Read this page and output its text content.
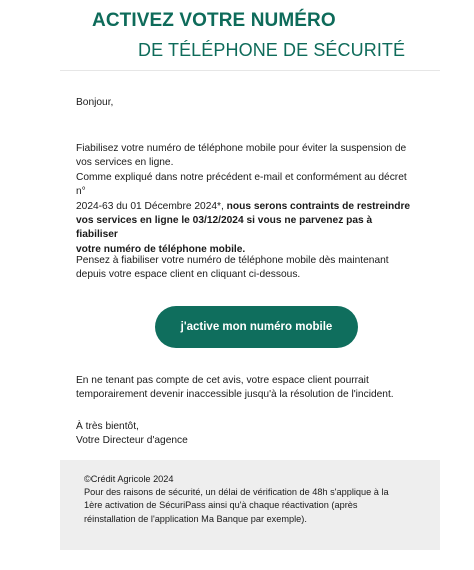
ACTIVEZ VOTRE NUMÉRO
DE TÉLÉPHONE DE SÉCURITÉ

Bonjour,

Fiabilisez votre numéro de téléphone mobile pour éviter la suspension de
vos services en ligne.
Comme expliqué dans notre précédent e-mail et conformément au décret n°
2024-63 du 01 Décembre 2024*, nous serons contraints de restreindre
vos services en ligne le 03/12/2024 si vous ne parvenez pas à fiabiliser
votre numéro de téléphone mobile.
Pensez à fiabiliser votre numéro de téléphone mobile dès maintenant
depuis votre espace client en cliquant ci-dessous.
j'active mon numéro mobile
En ne tenant pas compte de cet avis, votre espace client pourrait
temporairement devenir inaccessible jusqu'à la résolution de l'incident.
À très bientôt,
Votre Directeur d'agence
©Crédit Agricole 2024
Pour des raisons de sécurité, un délai de vérification de 48h s'applique à la
1ère activation de SécuriPass ainsi qu'à chaque réactivation (après
réinstallation de l'application Ma Banque par exemple).
